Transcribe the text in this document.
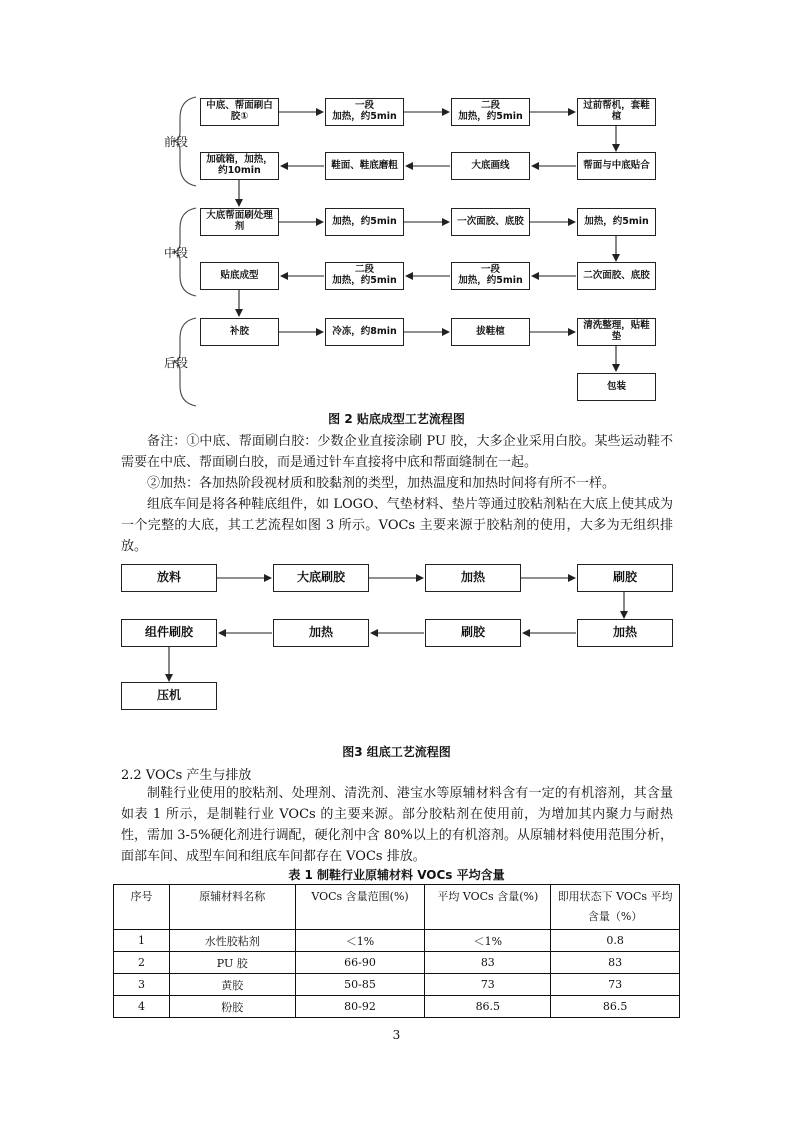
前段
中段
后段
中底、帮面刷白胶①
一段
加热，约5min
二段
加热，约5min
过前帮机，套鞋楦
加硫箱，加热，约10min	鞋面、鞋底磨粗	大底画线	帮面与中底贴合
大底帮面刷处理剂	加热，约5min	一次面胶、底胶	加热，约5min
贴底成型	二段
加热，约5min
一段
加热，约5min	二次面胶、底胶
补胶	冷冻，约8min	拔鞋楦	清洗整理，贴鞋垫
包装
图 2 贴底成型工艺流程图

备注：①中底、帮面刷白胶：少数企业直接涂刷 PU 胶，大多企业采用白胶。某些运动鞋不需要在中底、帮面刷白胶，而是通过针车直接将中底和帮面缝制在一起。

②加热：各加热阶段视材质和胶黏剂的类型，加热温度和加热时间将有所不一样。

组底车间是将各种鞋底组件，如 LOGO、气垫材料、垫片等通过胶粘剂粘在大底上使其成为一个完整的大底，其工艺流程如图 3 所示。VOCs 主要来源于胶粘剂的使用，大多为无组织排放。

放料	大底刷胶	加热	刷胶
组件刷胶	加热	刷胶	加热
压机
图3 组底工艺流程图
2.2 VOCs 产生与排放

制鞋行业使用的胶粘剂、处理剂、清洗剂、港宝水等原辅材料含有一定的有机溶剂，其含量如表 1 所示，是制鞋行业 VOCs 的主要来源。部分胶粘剂在使用前，为增加其内聚力与耐热性，需加 3-5%硬化剂进行调配，硬化剂中含 80%以上的有机溶剂。从原辅材料使用范围分析，面部车间、成型车间和组底车间都存在 VOCs 排放。

表 1 制鞋行业原辅材料 VOCs 平均含量
序号	原辅材料名称	VOCs 含量范围(%)	平均 VOCs 含量(%)	即用状态下 VOCs 平均含量（%）
1	水性胶粘剂	＜1%	＜1%	0.8
2	PU 胶	66-90	83	83
3	黄胶	50-85	73	73
4	粉胶	80-92	86.5	86.5
3
